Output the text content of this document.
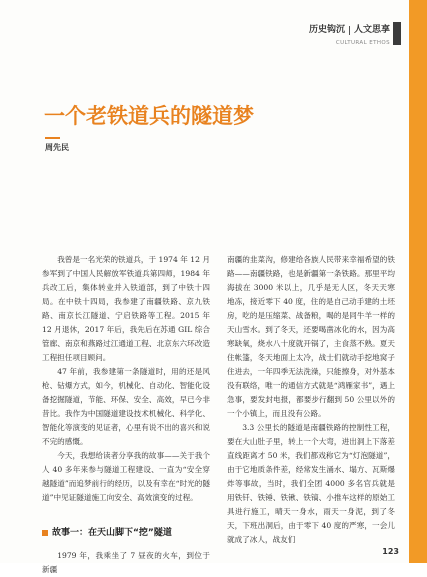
历史钩沉 人文思享
CULTURAL ETHOS
一个老铁道兵的隧道梦
周先民

我曾是一名光荣的铁道兵，于 1974 年 12 月参军到了中国人民解放军铁道兵第四师，1984 年兵改工后，集体转业并入铁道部，到了中铁十四局。在中铁十四局，我参建了南疆铁路、京九铁路、南京长江隧道、宁启铁路等工程。2015 年 12 月退休，2017 年后，我先后在苏通 GIL 综合管廊、南京和燕路过江通道工程、北京东六环改造工程担任项目顾问。

47 年前，我参建第一条隧道时，用的还是风枪、钻爆方式，如今，机械化、自动化、智能化设备挖掘隧道，节能、环保、安全、高效，早已今非昔比。我作为中国隧道建设技术机械化、科学化、智能化等演变的见证者，心里有说不出的喜兴和说不完的感慨。

今天，我想给读者分享我的故事——关于我个人 40 多年来参与隧道工程建设、一直为“安全穿越隧道”而追梦前行的经历，以及有幸在“时光的隧道”中见证隧道施工向安全、高效演变的过程。

故事一：在天山脚下“挖”隧道

1979 年，我乘坐了 7 昼夜的火车，到位于新疆

南疆的韭菜沟，修建给各族人民带来幸福希望的铁路——南疆铁路，也是新疆第一条铁路。那里平均海拔在 3000 米以上，几乎是无人区，冬天天寒地冻，接近零下 40 度，住的是自己动手建的土坯房，吃的是压缩菜、战备粮，喝的是同牛羊一样的天山雪水。到了冬天，还要喝凿冰化的水，因为高寒缺氧，烧水八十度就开锅了，主食蒸不熟。夏天住帐篷，冬天地面上太冷，战士们就动手挖地窝子住进去，一年四季无法洗澡，只能擦身，对外基本没有联络，唯一的通信方式就是“鸿雁家书”，遇上急事，要发封电报，都要步行翻到 50 公里以外的一个小镇上，而且没有公路。

3.3 公里长的隧道是南疆铁路的控制性工程，要在大山肚子里，转上一个大弯，进出洞上下落差直线距离才 50 米，我们都戏称它为“灯泡隧道”，由于它地质条件差，经常发生涌水、塌方、瓦斯爆炸等事故，当时，我们全团 4000 多名官兵就是用铁钎、铁锤、铁锹、铁镐、小推车这样的原始工具进行施工，晴天一身水，雨天一身泥，到了冬天，下班出洞后，由于零下 40 度的严寒，一会儿就成了冰人，战友们

123
